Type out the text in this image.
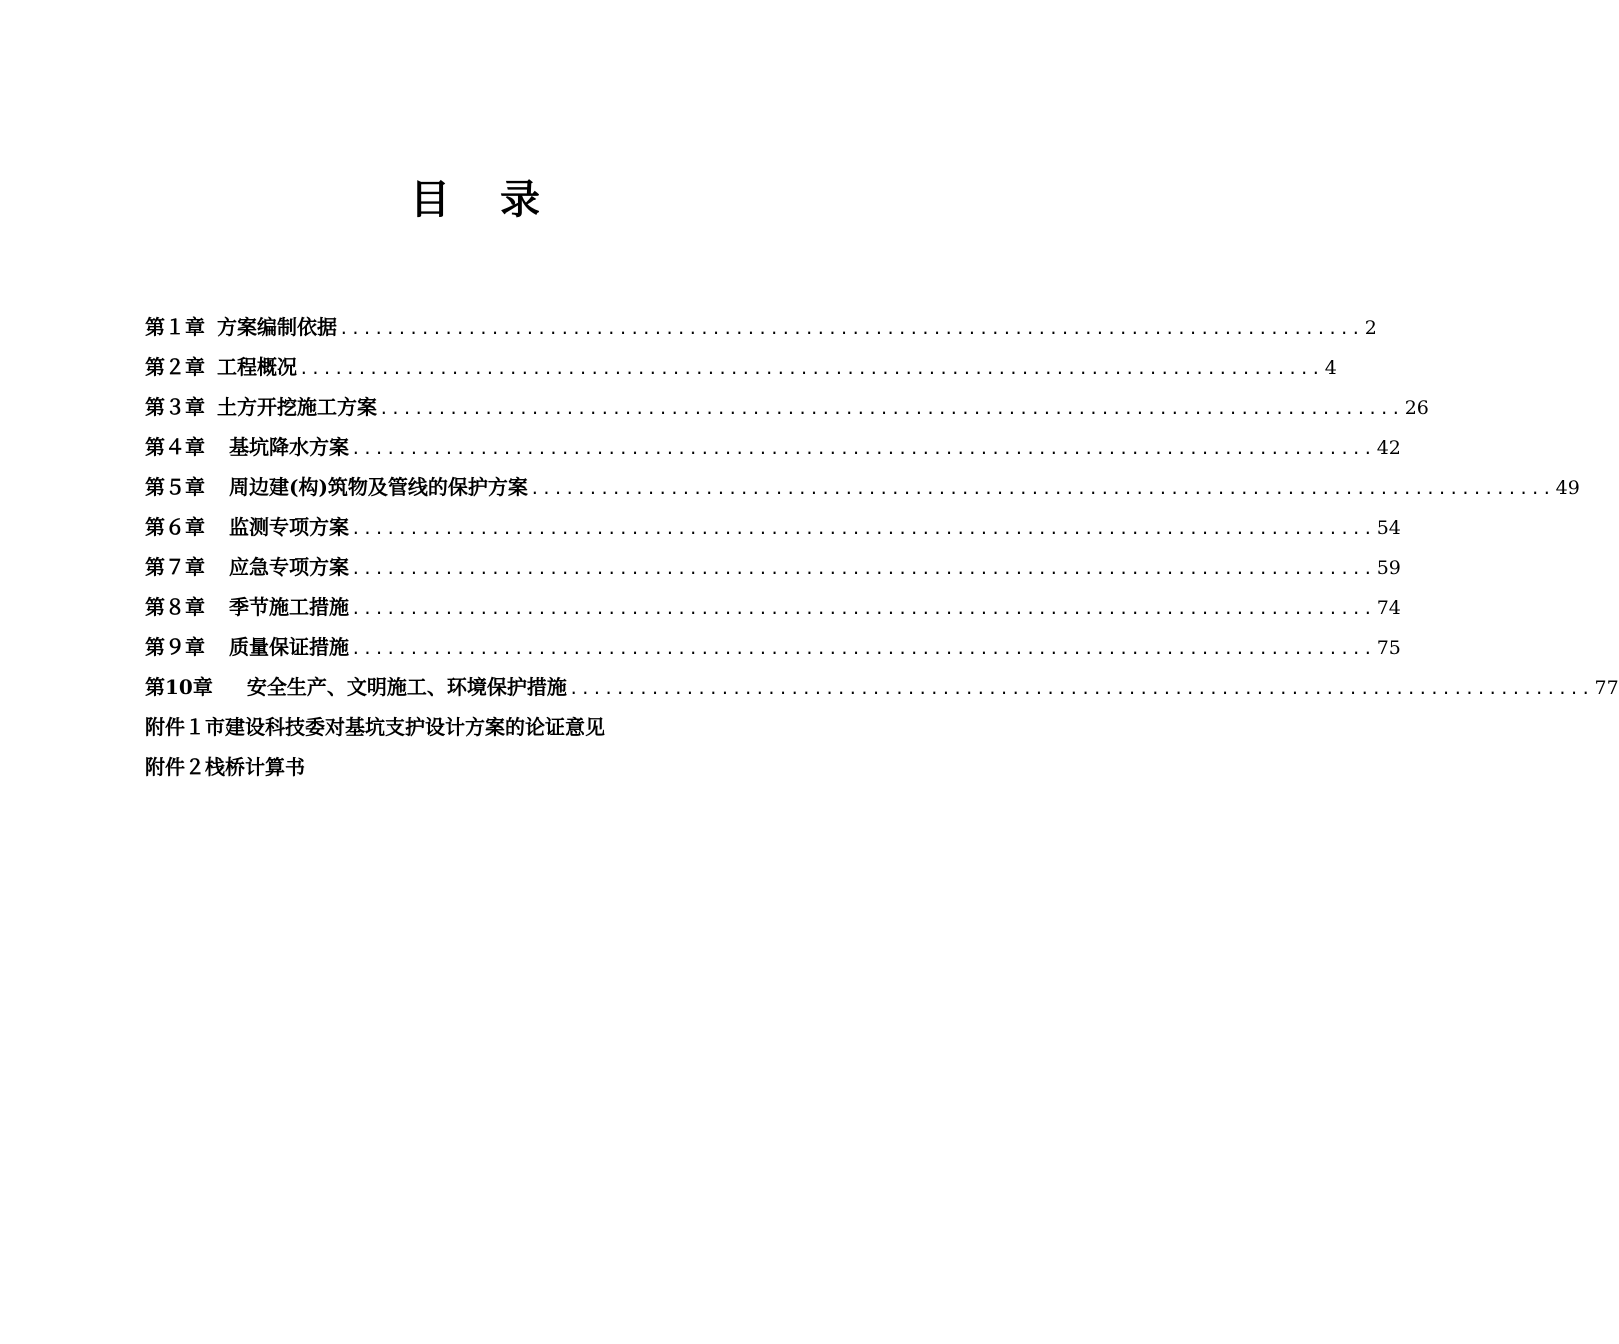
目 录
第１章 方案编制依据 ........................................................................................ 2
第２章 工程概况 ........................................................................................ 4
第３章 土方开挖施工方案 ........................................................................................ 26
第４章 基坑降水方案 ........................................................................................ 42
第５章 周边建(构)筑物及管线的保护方案 ........................................................................................ 49
第６章 监测专项方案 ........................................................................................ 54
第７章 应急专项方案 ........................................................................................ 59
第８章 季节施工措施 ........................................................................................ 74
第９章 质量保证措施 ........................................................................................ 75
第10章 安全生产、文明施工、环境保护措施 ........................................................................................ 77
附件１市建设科技委对基坑支护设计方案的论证意见
附件２栈桥计算书
